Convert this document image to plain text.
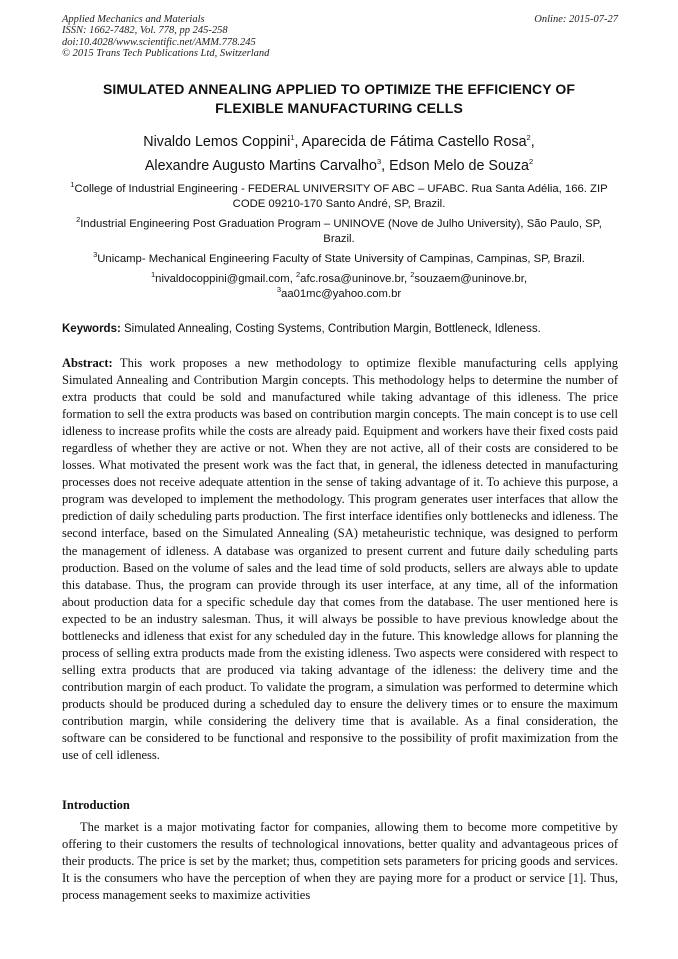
Applied Mechanics and Materials
ISSN: 1662-7482, Vol. 778, pp 245-258
doi:10.4028/www.scientific.net/AMM.778.245
© 2015 Trans Tech Publications Ltd, Switzerland
Online: 2015-07-27
SIMULATED ANNEALING APPLIED TO OPTIMIZE THE EFFICIENCY OF
FLEXIBLE MANUFACTURING CELLS
Nivaldo Lemos Coppini$^1$, Aparecida de Fátima Castello Rosa$^2$,
Alexandre Augusto Martins Carvalho$^3$, Edson Melo de Souza$^2$

$^1$College of Industrial Engineering - FEDERAL UNIVERSITY OF ABC – UFABC. Rua Santa Adélia, 166. ZIP CODE 09210-170 Santo André, SP, Brazil.

$^2$Industrial Engineering Post Graduation Program – UNINOVE (Nove de Julho University), São Paulo, SP, Brazil.

$^3$Unicamp- Mechanical Engineering Faculty of State University of Campinas, Campinas, SP, Brazil.

$^1$nivaldocoppini@gmail.com, $^2$afc.rosa@uninove.br, $^2$souzaem@uninove.br,
$^3$aa01mc@yahoo.com.br

Keywords: Simulated Annealing, Costing Systems, Contribution Margin, Bottleneck, Idleness.
Abstract: This work proposes a new methodology to optimize flexible manufacturing cells applying Simulated Annealing and Contribution Margin concepts. This methodology helps to determine the number of extra products that could be sold and manufactured while taking advantage of this idleness. The price formation to sell the extra products was based on contribution margin concepts. The main concept is to use cell idleness to increase profits while the costs are already paid. Equipment and workers have their fixed costs paid regardless of whether they are active or not. When they are not active, all of their costs are considered to be losses. What motivated the present work was the fact that, in general, the idleness detected in manufacturing processes does not receive adequate attention in the sense of taking advantage of it. To achieve this purpose, a program was developed to implement the methodology. This program generates user interfaces that allow the prediction of daily scheduling parts production. The first interface identifies only bottlenecks and idleness. The second interface, based on the Simulated Annealing (SA) metaheuristic technique, was designed to perform the management of idleness. A database was organized to present current and future daily scheduling parts production. Based on the volume of sales and the lead time of sold products, sellers are always able to update this database. Thus, the program can provide through its user interface, at any time, all of the information about production data for a specific schedule day that comes from the database. The user mentioned here is expected to be an industry salesman. Thus, it will always be possible to have previous knowledge about the bottlenecks and idleness that exist for any scheduled day in the future. This knowledge allows for planning the process of selling extra products made from the existing idleness. Two aspects were considered with respect to selling extra products that are produced via taking advantage of the idleness: the delivery time and the contribution margin of each product. To validate the program, a simulation was performed to determine which products should be produced during a scheduled day to ensure the delivery times or to ensure the maximum contribution margin, while considering the delivery time that is available. As a final consideration, the software can be considered to be functional and responsive to the possibility of profit maximization from the use of cell idleness.
Introduction
The market is a major motivating factor for companies, allowing them to become more competitive by offering to their customers the results of technological innovations, better quality and advantageous prices of their products. The price is set by the market; thus, competition sets parameters for pricing goods and services. It is the consumers who have the perception of when they are paying more for a product or service [1]. Thus, process management seeks to maximize activities
